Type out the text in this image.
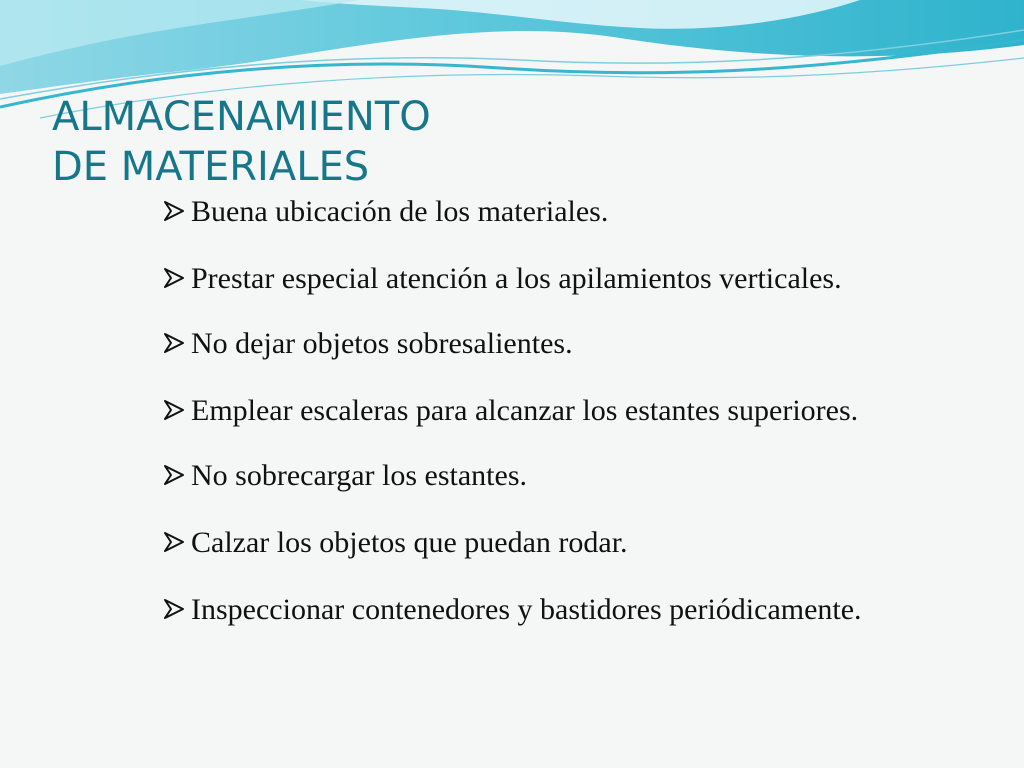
ALMACENAMIENTO
DE MATERIALES
Buena ubicación de los materiales.
Prestar especial atención a los apilamientos verticales.
No dejar objetos sobresalientes.
Emplear escaleras para alcanzar los estantes superiores.
No sobrecargar los estantes.
Calzar los objetos que puedan rodar.
Inspeccionar contenedores y bastidores periódicamente.
